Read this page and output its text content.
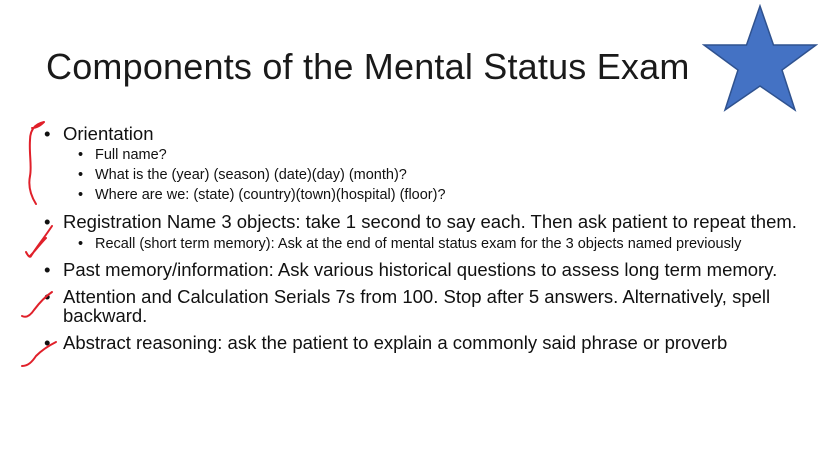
Components of the Mental Status Exam
• Orientation
• Full name?
• What is the (year) (season) (date)(day) (month)?
• Where are we: (state) (country)(town)(hospital) (floor)?
• Registration Name 3 objects: take 1 second to say each. Then ask patient to repeat them.
• Recall (short term memory): Ask at the end of mental status exam for the 3 objects named previously
• Past memory/information: Ask various historical questions to assess long term memory.
• Attention and Calculation Serials 7s from 100. Stop after 5 answers. Alternatively, spell backward.
• Abstract reasoning: ask the patient to explain a commonly said phrase or proverb
